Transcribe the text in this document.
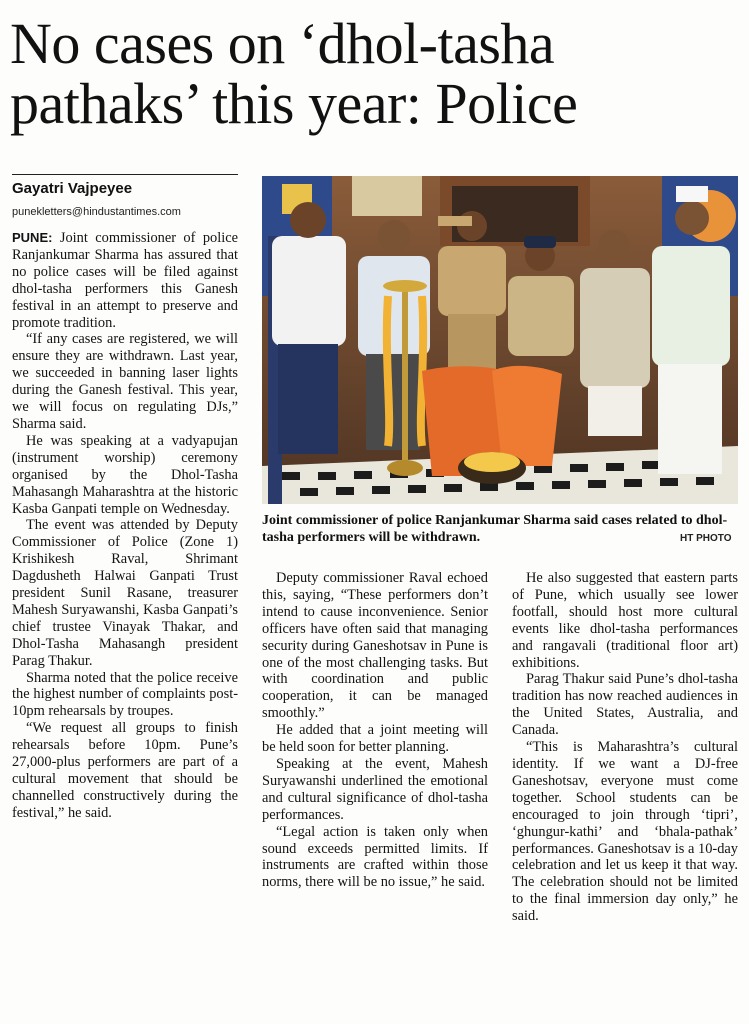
No cases on ‘dhol-tasha pathaks’ this year: Police
Gayatri Vajpeyee
punekletters@hindustantimes.com

PUNE: Joint commissioner of police Ranjankumar Sharma has assured that no police cases will be filed against dhol-tasha performers this Ganesh festival in an attempt to preserve and promote tradition.

“If any cases are registered, we will ensure they are withdrawn. Last year, we succeeded in banning laser lights during the Ganesh festival. This year, we will focus on regulating DJs,” Sharma said.

He was speaking at a vadyapujan (instrument worship) ceremony organised by the Dhol-Tasha Mahasangh Maharashtra at the historic Kasba Ganpati temple on Wednesday.

The event was attended by Deputy Commissioner of Police (Zone 1) Krishikesh Raval, Shrimant Dagdusheth Halwai Ganpati Trust president Sunil Rasane, treasurer Mahesh Suryawanshi, Kasba Ganpati’s chief trustee Vinayak Thakar, and Dhol-Tasha Mahasangh president Parag Thakur.

Sharma noted that the police receive the highest number of complaints post-10pm rehearsals by troupes.

“We request all groups to finish rehearsals before 10pm. Pune’s 27,000-plus performers are part of a cultural movement that should be channelled constructively during the festival,” he said.

Joint commissioner of police Ranjankumar Sharma said cases related to dhol-tasha performers will be withdrawn.	HT PHOTO

Deputy commissioner Raval echoed this, saying, “These performers don’t intend to cause inconvenience. Senior officers have often said that managing security during Ganeshotsav in Pune is one of the most challenging tasks. But with coordination and public cooperation, it can be managed smoothly.”

He added that a joint meeting will be held soon for better planning.

Speaking at the event, Mahesh Suryawanshi underlined the emotional and cultural significance of dhol-tasha performances.

“Legal action is taken only when sound exceeds permitted limits. If instruments are crafted within those norms, there will be no issue,” he said.

He also suggested that eastern parts of Pune, which usually see lower footfall, should host more cultural events like dhol-tasha performances and rangavali (traditional floor art) exhibitions.

Parag Thakur said Pune’s dhol-tasha tradition has now reached audiences in the United States, Australia, and Canada.

“This is Maharashtra’s cultural identity. If we want a DJ-free Ganeshotsav, everyone must come together. School students can be encouraged to join through ‘tipri’, ‘ghungur-kathi’ and ‘bhala-pathak’ performances. Ganeshotsav is a 10-day celebration and let us keep it that way. The celebration should not be limited to the final immersion day only,” he said.
